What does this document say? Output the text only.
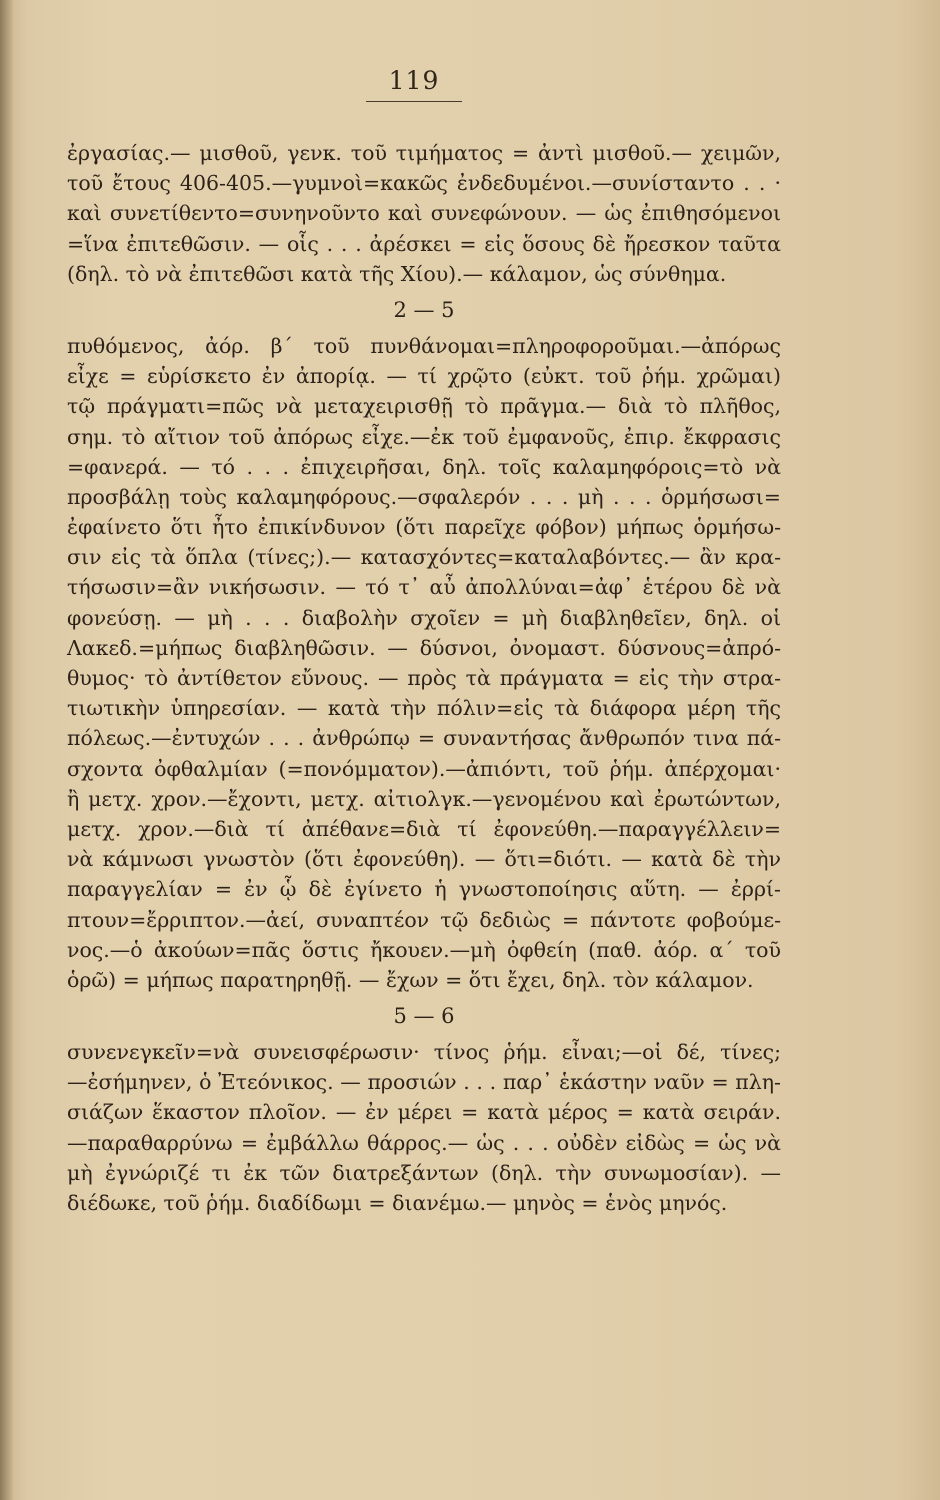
119
ἐργασίας.— μισθοῦ, γενκ. τοῦ τιμήματος = ἀντὶ μισθοῦ.— χειμῶν,
τοῦ ἔτους 406-405.—γυμνοὶ=κακῶς ἐνδεδυμένοι.—συνίσταντο . . ·
καὶ συνετίθεντο=συνηνοῦντο καὶ συνεφώνουν. — ὡς ἐπιθησόμενοι
=ἵνα ἐπιτεθῶσιν. — οἷς . . . ἀρέσκει = εἰς ὅσους δὲ ἤρεσκον ταῦτα
(δηλ. τὸ νὰ ἐπιτεθῶσι κατὰ τῆς Χίου).— κάλαμον, ὡς σύνθημα.
2 — 5
πυθόμενος, ἀόρ. β΄ τοῦ πυνθάνομαι=πληροφοροῦμαι.—ἀπόρως
εἶχε = εὑρίσκετο ἐν ἀπορίᾳ. — τί χρῷτο (εὐκτ. τοῦ ῥήμ. χρῶμαι)
τῷ πράγματι=πῶς νὰ μεταχειρισθῇ τὸ πρᾶγμα.— διὰ τὸ πλῆθος,
σημ. τὸ αἴτιον τοῦ ἀπόρως εἶχε.—ἐκ τοῦ ἐμφανοῦς, ἐπιρ. ἔκφρασις
=φανερά. — τό . . . ἐπιχειρῆσαι, δηλ. τοῖς καλαμηφόροις=τὸ νὰ
προσβάλῃ τοὺς καλαμηφόρους.—σφαλερόν . . . μὴ . . . ὁρμήσωσι=
ἐφαίνετο ὅτι ἦτο ἐπικίνδυνον (ὅτι παρεῖχε φόβον) μήπως ὁρμήσω-
σιν εἰς τὰ ὅπλα (τίνες;).— κατασχόντες=καταλαβόντες.— ἂν κρα-
τήσωσιν=ἂν νικήσωσιν. — τό τ᾽ αὖ ἀπολλύναι=ἀφ᾽ ἑτέρου δὲ νὰ
φονεύσῃ. — μὴ . . . διαβολὴν σχοῖεν = μὴ διαβληθεῖεν, δηλ. οἱ
Λακεδ.=μήπως διαβληθῶσιν. — δύσνοι, ὀνομαστ. δύσνους=ἀπρό-
θυμος· τὸ ἀντίθετον εὔνους. — πρὸς τὰ πράγματα = εἰς τὴν στρα-
τιωτικὴν ὑπηρεσίαν. — κατὰ τὴν πόλιν=εἰς τὰ διάφορα μέρη τῆς
πόλεως.—ἐντυχών . . . ἀνθρώπῳ = συναντήσας ἄνθρωπόν τινα πά-
σχοντα ὀφθαλμίαν (=πονόμματον).—ἀπιόντι, τοῦ ῥήμ. ἀπέρχομαι·
ἢ μετχ. χρον.—ἔχοντι, μετχ. αἰτιολγκ.—γενομένου καὶ ἐρωτώντων,
μετχ. χρον.—διὰ τί ἀπέθανε=διὰ τί ἐφονεύθη.—παραγγέλλειν=
νὰ κάμνωσι γνωστὸν (ὅτι ἐφονεύθη). — ὅτι=διότι. — κατὰ δὲ τὴν
παραγγελίαν = ἐν ᾧ δὲ ἐγίνετο ἡ γνωστοποίησις αὕτη. — ἐρρί-
πτουν=ἔρριπτον.—ἀεί, συναπτέον τῷ δεδιὼς = πάντοτε φοβούμε-
νος.—ὁ ἀκούων=πᾶς ὅστις ἤκουεν.—μὴ ὀφθείη (παθ. ἀόρ. α΄ τοῦ
ὁρῶ) = μήπως παρατηρηθῇ. — ἔχων = ὅτι ἔχει, δηλ. τὸν κάλαμον.
5 — 6
συνενεγκεῖν=νὰ συνεισφέρωσιν· τίνος ῥήμ. εἶναι;—οἱ δέ, τίνες;
—ἐσήμηνεν, ὁ Ἐτεόνικος. — προσιών . . . παρ᾽ ἑκάστην ναῦν = πλη-
σιάζων ἕκαστον πλοῖον. — ἐν μέρει = κατὰ μέρος = κατὰ σειράν.
—παραθαρρύνω = ἐμβάλλω θάρρος.— ὡς . . . οὐδὲν εἰδὼς = ὡς νὰ
μὴ ἐγνώριζέ τι ἐκ τῶν διατρεξάντων (δηλ. τὴν συνωμοσίαν). —
διέδωκε, τοῦ ῥήμ. διαδίδωμι = διανέμω.— μηνὸς = ἑνὸς μηνός.
